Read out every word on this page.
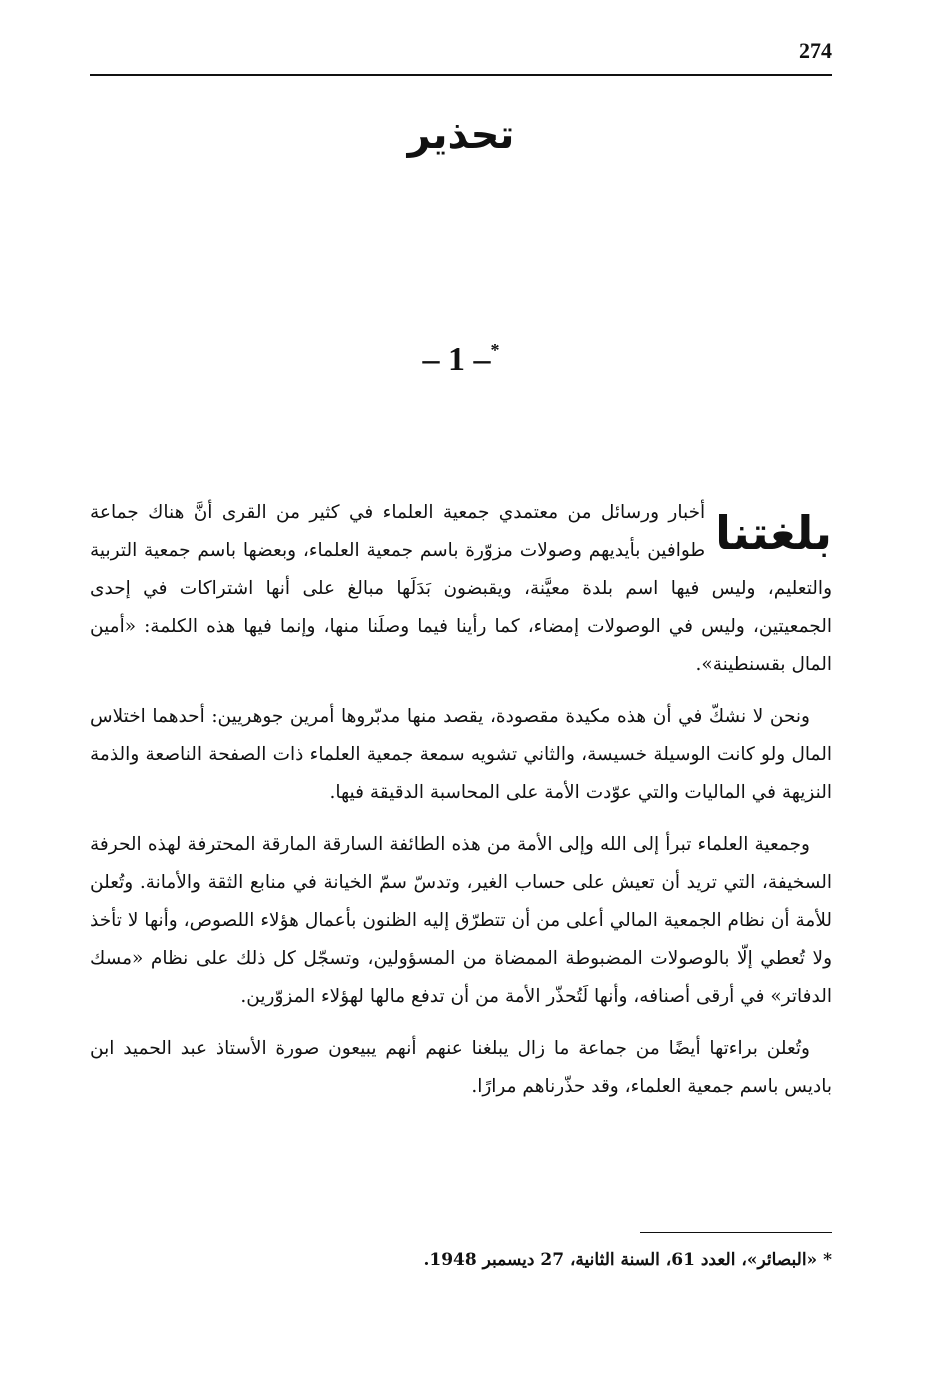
274
تحذير
*– 1 –

بلغتنا
أخبار ورسائل من معتمدي جمعية العلماء في كثير من القرى أنَّ هناك جماعة طوافين بأيديهم وصولات مزوّرة باسم جمعية العلماء، وبعضها باسم جمعية التربية والتعليم، وليس فيها اسم بلدة معيَّنة، ويقبضون بَدَلَها مبالغ على أنها اشتراكات في إحدى الجمعيتين، وليس في الوصولات إمضاء، كما رأينا فيما وصلَنا منها، وإنما فيها هذه الكلمة: «أمين المال بقسنطينة».

ونحن لا نشكّ في أن هذه مكيدة مقصودة، يقصد منها مدبّروها أمرين جوهريين: أحدهما اختلاس المال ولو كانت الوسيلة خسيسة، والثاني تشويه سمعة جمعية العلماء ذات الصفحة الناصعة والذمة النزيهة في الماليات والتي عوّدت الأمة على المحاسبة الدقيقة فيها.

وجمعية العلماء تبرأ إلى الله وإلى الأمة من هذه الطائفة السارقة المارقة المحترفة لهذه الحرفة السخيفة، التي تريد أن تعيش على حساب الغير، وتدسّ سمّ الخيانة في منابع الثقة والأمانة. وتُعلن للأمة أن نظام الجمعية المالي أعلى من أن تتطرّق إليه الظنون بأعمال هؤلاء اللصوص، وأنها لا تأخذ ولا تُعطي إلّا بالوصولات المضبوطة الممضاة من المسؤولين، وتسجّل كل ذلك على نظام «مسك الدفاتر» في أرقى أصنافه، وأنها لَتُحذّر الأمة من أن تدفع مالها لهؤلاء المزوّرين.

وتُعلن براءتها أيضًا من جماعة ما زال يبلغنا عنهم أنهم يبيعون صورة الأستاذ عبد الحميد ابن باديس باسم جمعية العلماء، وقد حذّرناهم مرارًا.

* «البصائر»، العدد 61، السنة الثانية، 27 ديسمبر 1948.
